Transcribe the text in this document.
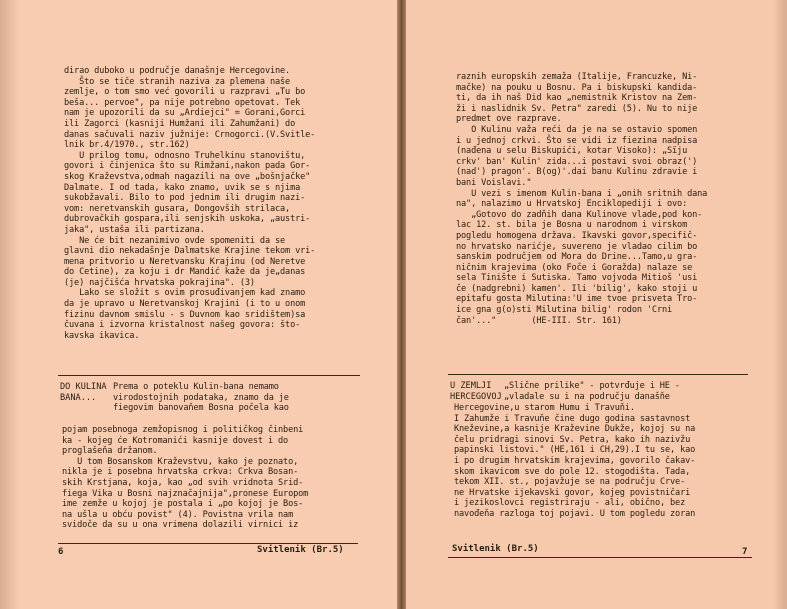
dirao duboko u područje današnje Hercegovine.
Što se tiče stranih naziva za plemena naše
zemlje, o tom smo već govorili u razpravi „Tu bo
beša... pervoe", pa nije potrebno opetovat. Tek
nam je upozorili da su „Ardiejci" = Gorani,Gorci
ili Zagorci (kasniji Humžani ili Zahumžani) do
danas sačuvali naziv južnije: Crnogorci.(V.Svitle-
lnik br.4/1970., str.162)
U prilog tomu, odnosno Truhelkinu stanovištu,
govori i činjenica što su Rimžani,nakon pada Gor-
skog Kraževstva,odmah nagazili na ove „bošnjačke"
Dalmate. I od tada, kako znamo, uvik se s njima
sukobžavali. Bilo to pod jednim ili drugim nazi-
vom: neretvanskih gusara, Dongovših strilaca,
dubrovačkih gospara,ili senjskih uskoka, „austri-
jaka", ustaša ili partizana.
Ne će bit nezanimivo ovde spomeniti da se
glavni dio nekadašnje Dalmatske Krajine tekom vri-
mena pritvorio u Neretvansku Krajinu (od Neretve
do Cetine), za koju i dr Mandić kaže da je„danas
(je) najčišća hrvatska pokrajina". (3)
Lako se složit s ovim prosuđivanjem kad znamo
da je upravo u Neretvanskoj Krajini (i to u onom
fizinu davnom smislu - s Duvnom kao sridištem)sa
čuvana i izvorna kristalnost našeg govora: što-
kavska ikavica.
DO KULINA
BANA...
Prema o poteklu Kulin-bana nemamo
virodostojnih podataka, znamo da je
fiegovim banovaňem Bosna počela kao
pojam posebnoga zemžopisnog i političkog činbeni
ka - kojeg će Kotromanići kasnije dovest i do
proglašeňa držanom.
U tom Bosanskom Kraževstvu, kako je poznato,
nikla je i posebna hrvatska crkva: Crkva Bosan-
skih Krstjana, koja, kao „od svih vridnota Srid-
fiega Vika u Bosni najznačajnija",pronese Europom
ime zemže u kojoj je postala i „po kojoj je Bos-
na ušla u obću povist" (4). Povistna vrila nam
svidoče da su u ona vrimena dolazili virnici iz
6	Svitlenik (Br.5)
raznih europskih zemaža (Italije, Francuzke, Ni-
mačke) na pouku u Bosnu. Pa i biskupski kandida-
ti, da ih naš Did kao „nemistnik Kristov na Zem-
ži i naslidnik Sv. Petra" zaredi (5). Nu to nije
predmet ove razprave.
O Kulinu važa reći da je na se ostavio spomen
i u jednoj crkvi. Što se vidi iz fiezina nadpisa
(nađena u selu Biskupići, kotar Visoko): „Sïju
crkv' ban' Kulin' zida...i postavi svoi obraz(')
(nad') pragon'. B(og)'.dai banu Kulinu zdravie i
bani Voislavi."
U vezi s imenom Kulin-bana i „onih sritnih dana
na", nalazimo u Hrvatskoj Enciklopediji i ovo:
„Gotovo do zadňih dana Kulinove vlade,pod kon-
lac 12. st. bila je Bosna u narodnom i virskom
pogledu homogena država. Ikavski govor,specifič-
no hrvatsko narićje, suvereno je vladao cilim bo
sanskim područjem od Mora do Drine...Tamo,u gra-
ničnim krajevima (oko Foče i Goražda) nalaze se
sela Tinište i Sutiska. Tamo vojvoda Mitioš 'usi
če (nadgrebni) kamen'. Ili 'bilig', kako stoji u
epitafu gosta Milutina:'U ime tvoe prisveta Tro-
ice gna g(o)sti Milutina bilig' rodon 'Crni
čan'..."       (HE-III. Str. 161)
U ZEMLJI
HERCEGOVOJ
„Slične prilike" - potvrđuje i HE -
„vladale su i na području današňe
Hercegovine,u starom Humu i Travuňi.
I Zahumže i Travuňe čine dugo godina sastavnost
Kneževine,a kasnije Kraževine Dukže, kojoj su na
čelu pridragi sinovi Sv. Petra, kako ih nazivžu
papinski listovi." (HE,161 i CH,29).I tu se, kao
i po drugim hrvatskim krajevima, govorilo čakav-
skom ikavicom sve do pole 12. stogodišta. Tada,
tekom XII. st., pojavžuje se na području Crve-
ne Hrvatske ijekavski govor, kojeg povistničari
i jezikoslovci registriraju - ali, obično, bez
navođeňa razloga toj pojavi. U tom pogledu zoran
Svitlenik (Br.5)	7
